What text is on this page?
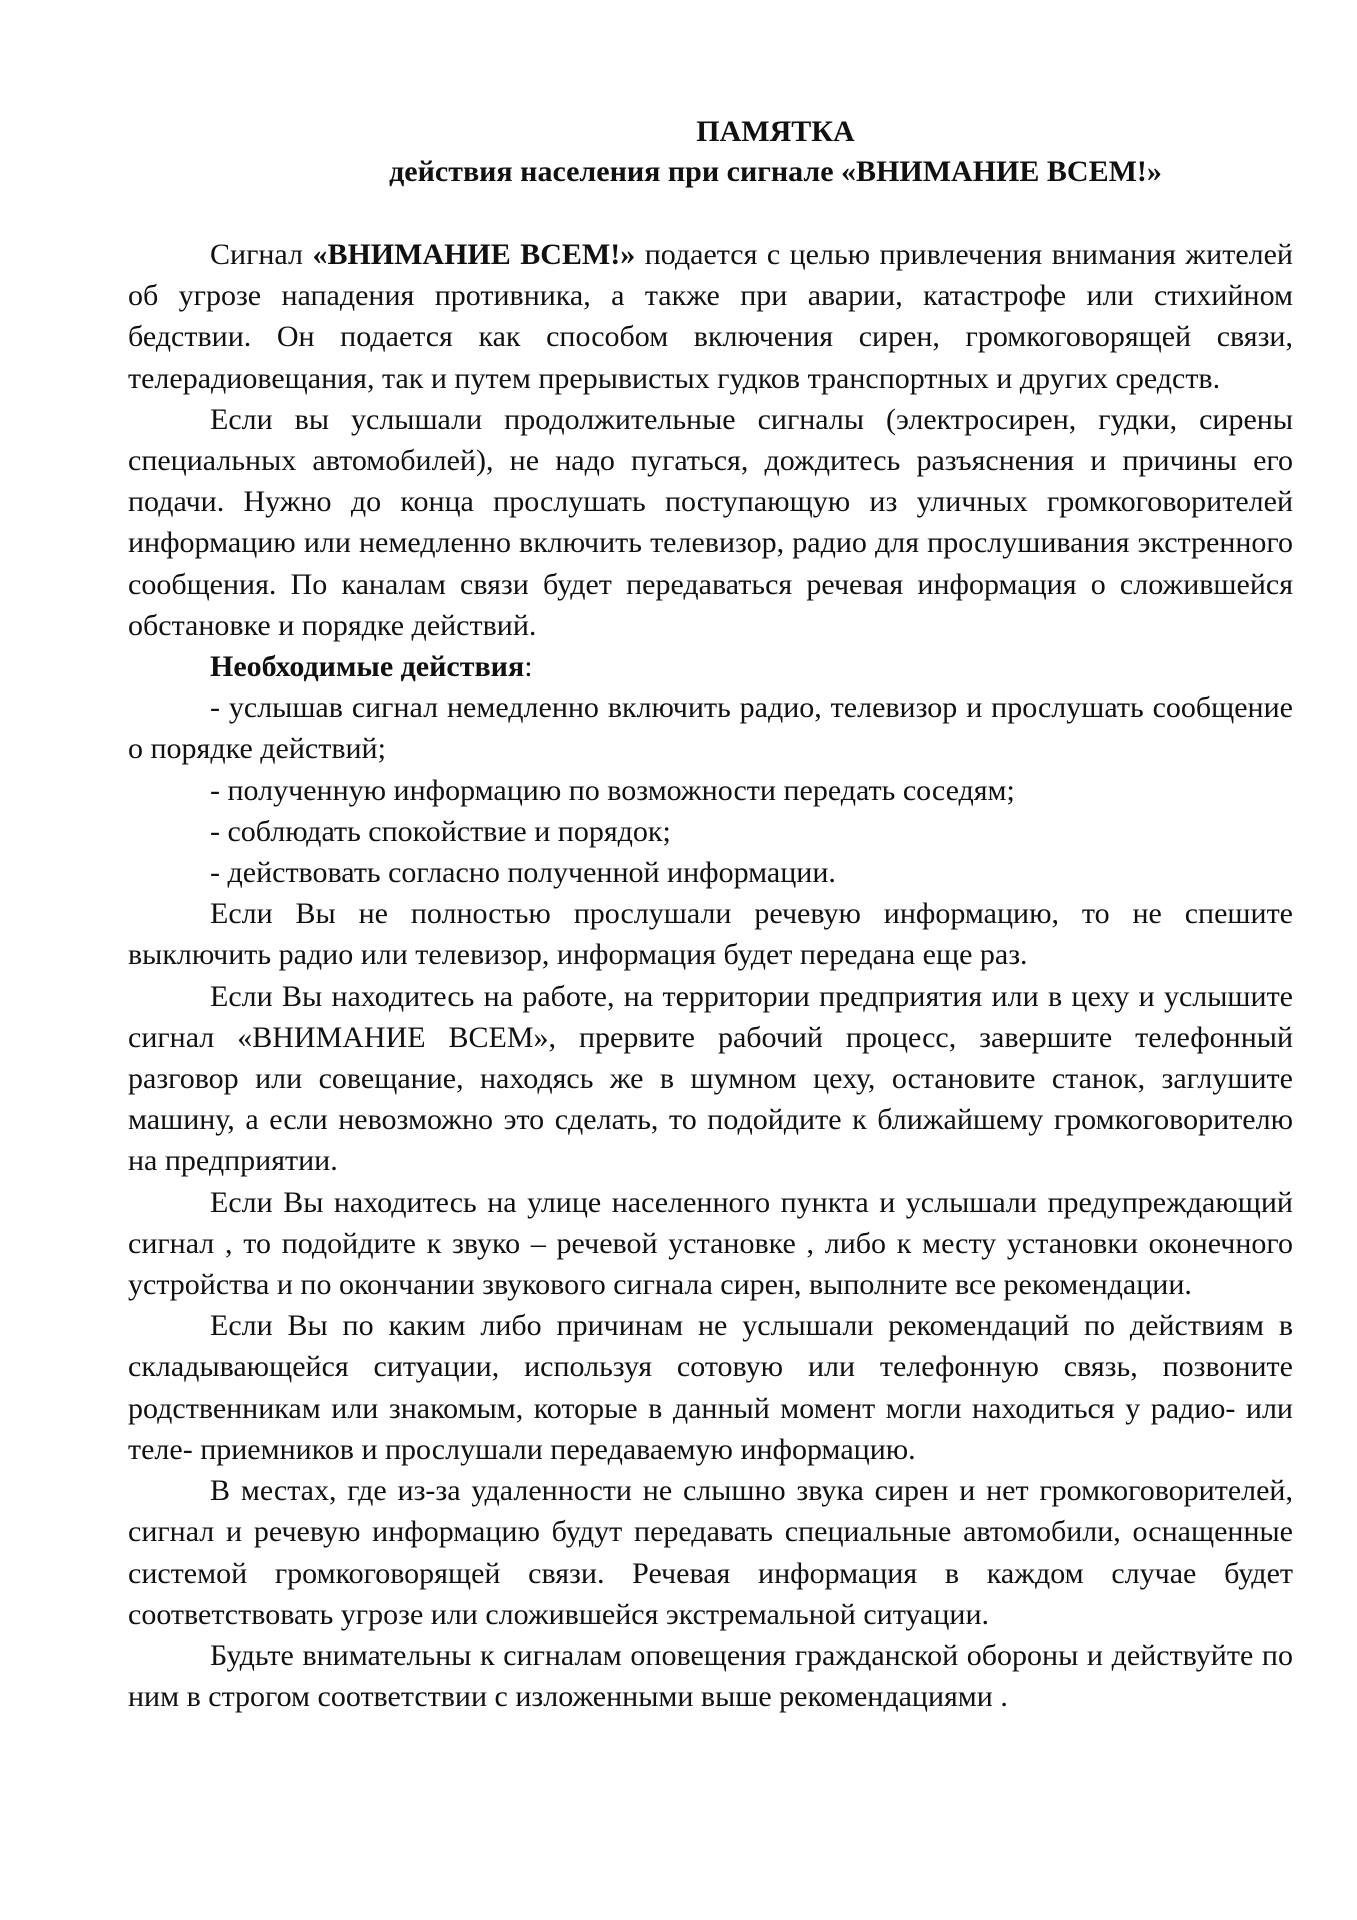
ПАМЯТКА

действия населения при сигнале «ВНИМАНИЕ ВСЕМ!»

Сигнал «ВНИМАНИЕ ВСЕМ!» подается с целью привлечения внимания жителей об угрозе нападения противника, а также при аварии, катастрофе или стихийном бедствии. Он подается как способом включения сирен, громкоговорящей связи, телерадиовещания, так и путем прерывистых гудков транспортных и других средств.

Если вы услышали продолжительные сигналы (электросирен, гудки, сирены специальных автомобилей), не надо пугаться, дождитесь разъяснения и причины его подачи. Нужно до конца прослушать поступающую из уличных громкоговорителей информацию или немедленно включить телевизор, радио для прослушивания экстренного сообщения. По каналам связи будет передаваться речевая информация о сложившейся обстановке и порядке действий.

Необходимые действия:

- услышав сигнал немедленно включить радио, телевизор и прослушать сообщение о порядке действий;

- полученную информацию по возможности передать соседям;

- соблюдать спокойствие и порядок;

- действовать согласно полученной информации.

Если Вы не полностью прослушали речевую информацию, то не спешите выключить радио или телевизор, информация будет передана еще раз.

Если Вы находитесь на работе, на территории предприятия или в цеху и услышите сигнал «ВНИМАНИЕ ВСЕМ», прервите рабочий процесс, завершите телефонный разговор или совещание, находясь же в шумном цеху, остановите станок, заглушите машину, а если невозможно это сделать, то подойдите к ближайшему громкоговорителю на предприятии.

Если Вы находитесь на улице населенного пункта и услышали предупреждающий сигнал , то подойдите к звуко – речевой установке , либо к месту установки оконечного устройства и по окончании звукового сигнала сирен, выполните все рекомендации.

Если Вы по каким либо причинам не услышали рекомендаций по действиям в складывающейся ситуации, используя сотовую или телефонную связь, позвоните родственникам или знакомым, которые в данный момент могли находиться у радио- или теле- приемников и прослушали передаваемую информацию.

В местах, где из-за удаленности не слышно звука сирен и нет громкоговорителей, сигнал и речевую информацию будут передавать специальные автомобили, оснащенные системой громкоговорящей связи. Речевая информация в каждом случае будет соответствовать угрозе или сложившейся экстремальной ситуации.

Будьте внимательны к сигналам оповещения гражданской обороны и действуйте по ним в строгом соответствии с изложенными выше рекомендациями .
